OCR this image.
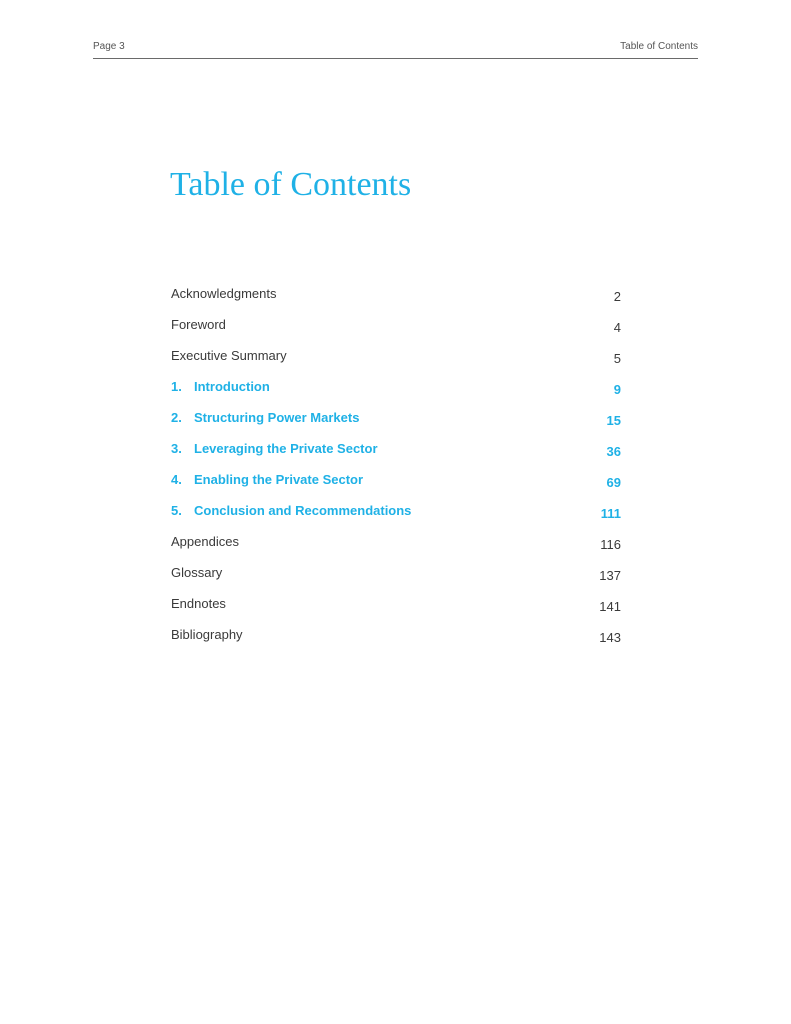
Page 3	Table of Contents
Table of Contents
Acknowledgments	2
Foreword	4
Executive Summary	5
1. Introduction	9
2. Structuring Power Markets	15
3. Leveraging the Private Sector	36
4. Enabling the Private Sector	69
5. Conclusion and Recommendations	111
Appendices	116
Glossary	137
Endnotes	141
Bibliography	143
